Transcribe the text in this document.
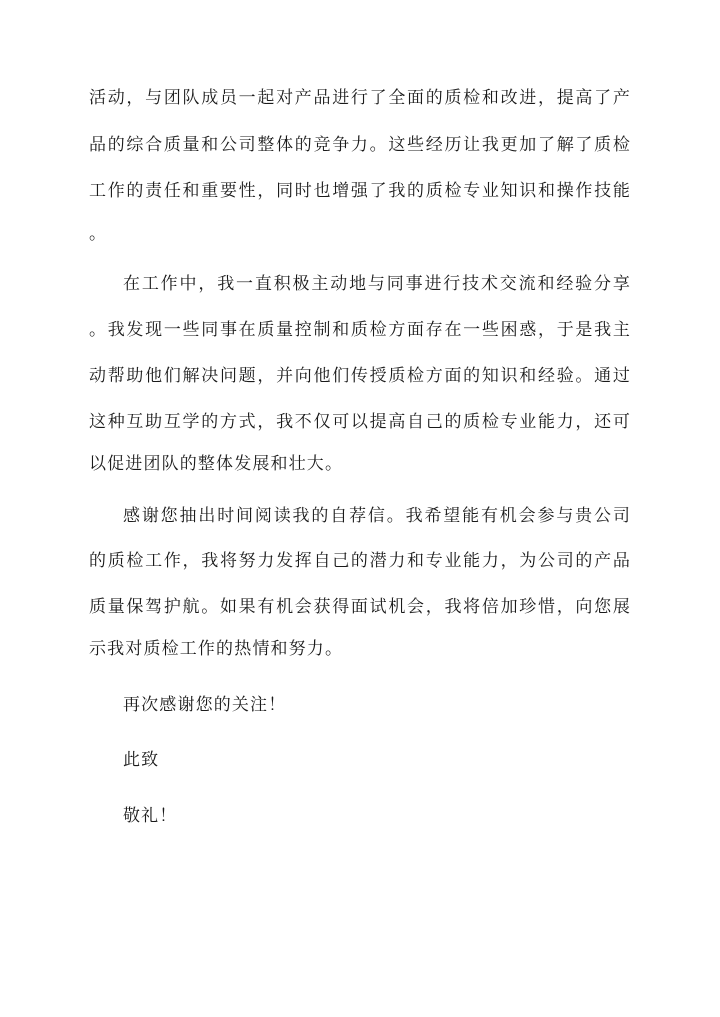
活动，与团队成员一起对产品进行了全面的质检和改进，提高了产
品的综合质量和公司整体的竞争力。这些经历让我更加了解了质检
工作的责任和重要性，同时也增强了我的质检专业知识和操作技能
。
在工作中，我一直积极主动地与同事进行技术交流和经验分享
。我发现一些同事在质量控制和质检方面存在一些困惑，于是我主
动帮助他们解决问题，并向他们传授质检方面的知识和经验。通过
这种互助互学的方式，我不仅可以提高自己的质检专业能力，还可
以促进团队的整体发展和壮大。
感谢您抽出时间阅读我的自荐信。我希望能有机会参与贵公司
的质检工作，我将努力发挥自己的潜力和专业能力，为公司的产品
质量保驾护航。如果有机会获得面试机会，我将倍加珍惜，向您展
示我对质检工作的热情和努力。
再次感谢您的关注！
此致
敬礼！
